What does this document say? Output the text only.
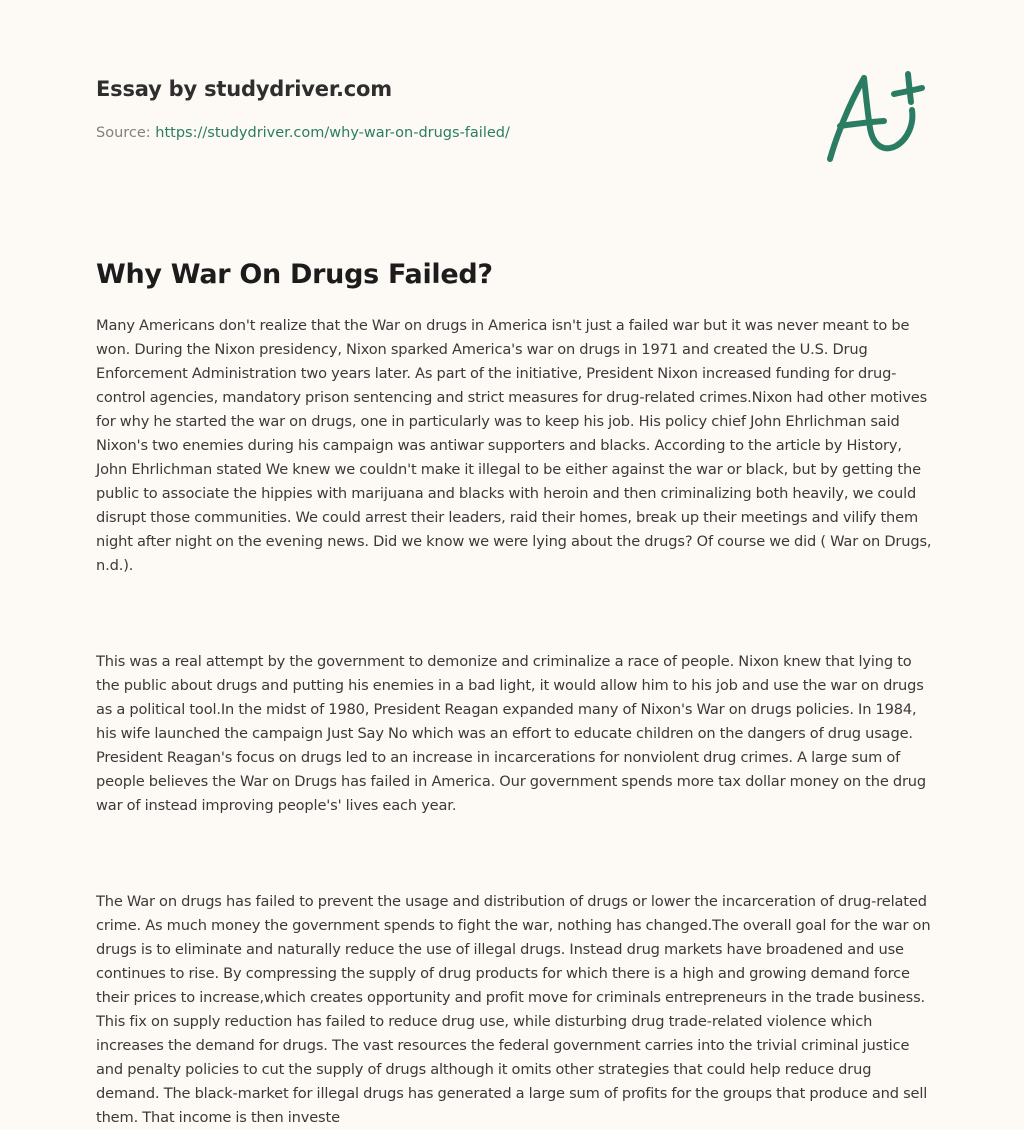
Essay by studydriver.com
Source: https://studydriver.com/why-war-on-drugs-failed/
Why War On Drugs Failed?

Many Americans don't realize that the War on drugs in America isn't just a failed war but it was never meant to be won. During the Nixon presidency, Nixon sparked America's war on drugs in 1971 and created the U.S. Drug Enforcement Administration two years later. As part of the initiative, President Nixon increased funding for drug-control agencies, mandatory prison sentencing and strict measures for drug-related crimes.Nixon had other motives for why he started the war on drugs, one in particularly was to keep his job. His policy chief John Ehrlichman said Nixon's two enemies during his campaign was antiwar supporters and blacks. According to the article by History, John Ehrlichman stated We knew we couldn't make it illegal to be either against the war or black, but by getting the public to associate the hippies with marijuana and blacks with heroin and then criminalizing both heavily, we could disrupt those communities. We could arrest their leaders, raid their homes, break up their meetings and vilify them night after night on the evening news. Did we know we were lying about the drugs? Of course we did ( War on Drugs, n.d.).

This was a real attempt by the government to demonize and criminalize a race of people. Nixon knew that lying to the public about drugs and putting his enemies in a bad light, it would allow him to his job and use the war on drugs as a political tool.In the midst of 1980, President Reagan expanded many of Nixon's War on drugs policies. In 1984, his wife launched the campaign Just Say No which was an effort to educate children on the dangers of drug usage. President Reagan's focus on drugs led to an increase in incarcerations for nonviolent drug crimes. A large sum of people believes the War on Drugs has failed in America. Our government spends more tax dollar money on the drug war of instead improving people's' lives each year.

The War on drugs has failed to prevent the usage and distribution of drugs or lower the incarceration of drug-related crime. As much money the government spends to fight the war, nothing has changed.The overall goal for the war on drugs is to eliminate and naturally reduce the use of illegal drugs. Instead drug markets have broadened and use continues to rise. By compressing the supply of drug products for which there is a high and growing demand force their prices to increase,which creates opportunity and profit move for criminals entrepreneurs in the trade business. This fix on supply reduction has failed to reduce drug use, while disturbing drug trade-related violence which increases the demand for drugs. The vast resources the federal government carries into the trivial criminal justice and penalty policies to cut the supply of drugs although it omits other strategies that could help reduce drug demand. The black-market for illegal drugs has generated a large sum of profits for the groups that produce and sell them. That income is then investe
